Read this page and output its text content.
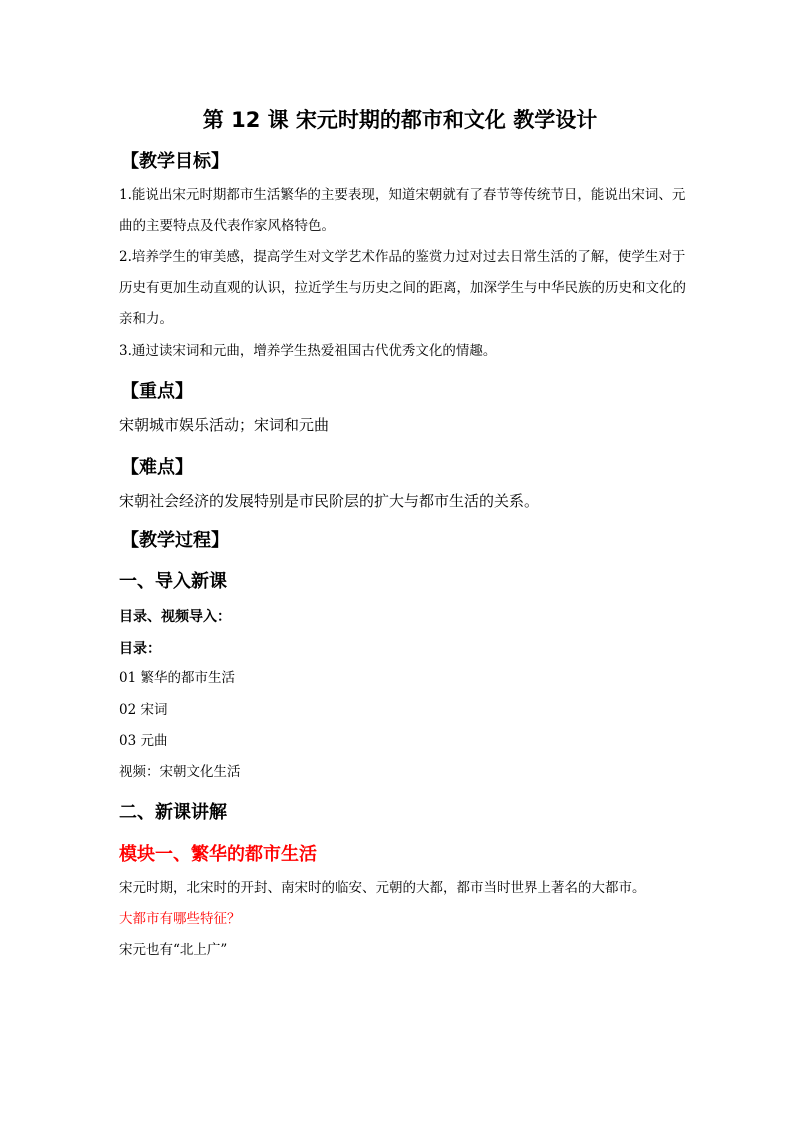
第 12 课 宋元时期的都市和文化 教学设计
【教学目标】
1.能说出宋元时期都市生活繁华的主要表现，知道宋朝就有了春节等传统节日，能说出宋词、元曲的主要特点及代表作家风格特色。
2.培养学生的审美感，提高学生对文学艺术作品的鉴赏力过对过去日常生活的了解，使学生对于历史有更加生动直观的认识，拉近学生与历史之间的距离，加深学生与中华民族的历史和文化的亲和力。
3.通过读宋词和元曲，增养学生热爱祖国古代优秀文化的情趣。
【重点】
宋朝城市娱乐活动；宋词和元曲
【难点】
宋朝社会经济的发展特别是市民阶层的扩大与都市生活的关系。
【教学过程】
一、导入新课
目录、视频导入：
目录：
01 繁华的都市生活
02 宋词
03 元曲
视频：宋朝文化生活
二、新课讲解
模块一、繁华的都市生活
宋元时期，北宋时的开封、南宋时的临安、元朝的大都，都市当时世界上著名的大都市。
大都市有哪些特征？
宋元也有“北上广”
